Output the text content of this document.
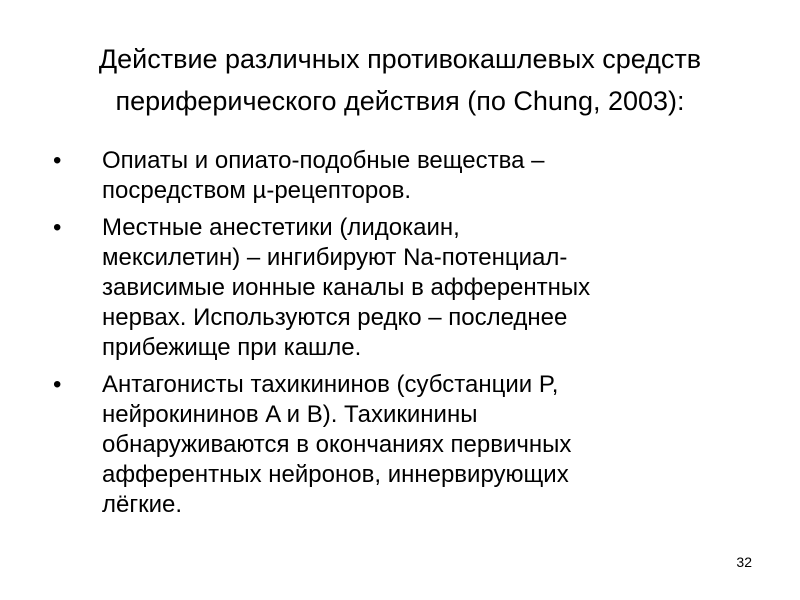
Действие различных противокашлевых средств
периферического действия (по Chung, 2003):
• Опиаты и опиато-подобные вещества –
посредством µ-рецепторов.
• Местные анестетики (лидокаин,
мексилетин) – ингибируют Na-потенциал-
зависимые ионные каналы в афферентных
нервах. Используются редко – последнее
прибежище при кашле.
• Антагонисты тахикининов (субстанции P,
нейрокининов A и B). Тахикинины
обнаруживаются в окончаниях первичных
афферентных нейронов, иннервирующих
лёгкие.
32
